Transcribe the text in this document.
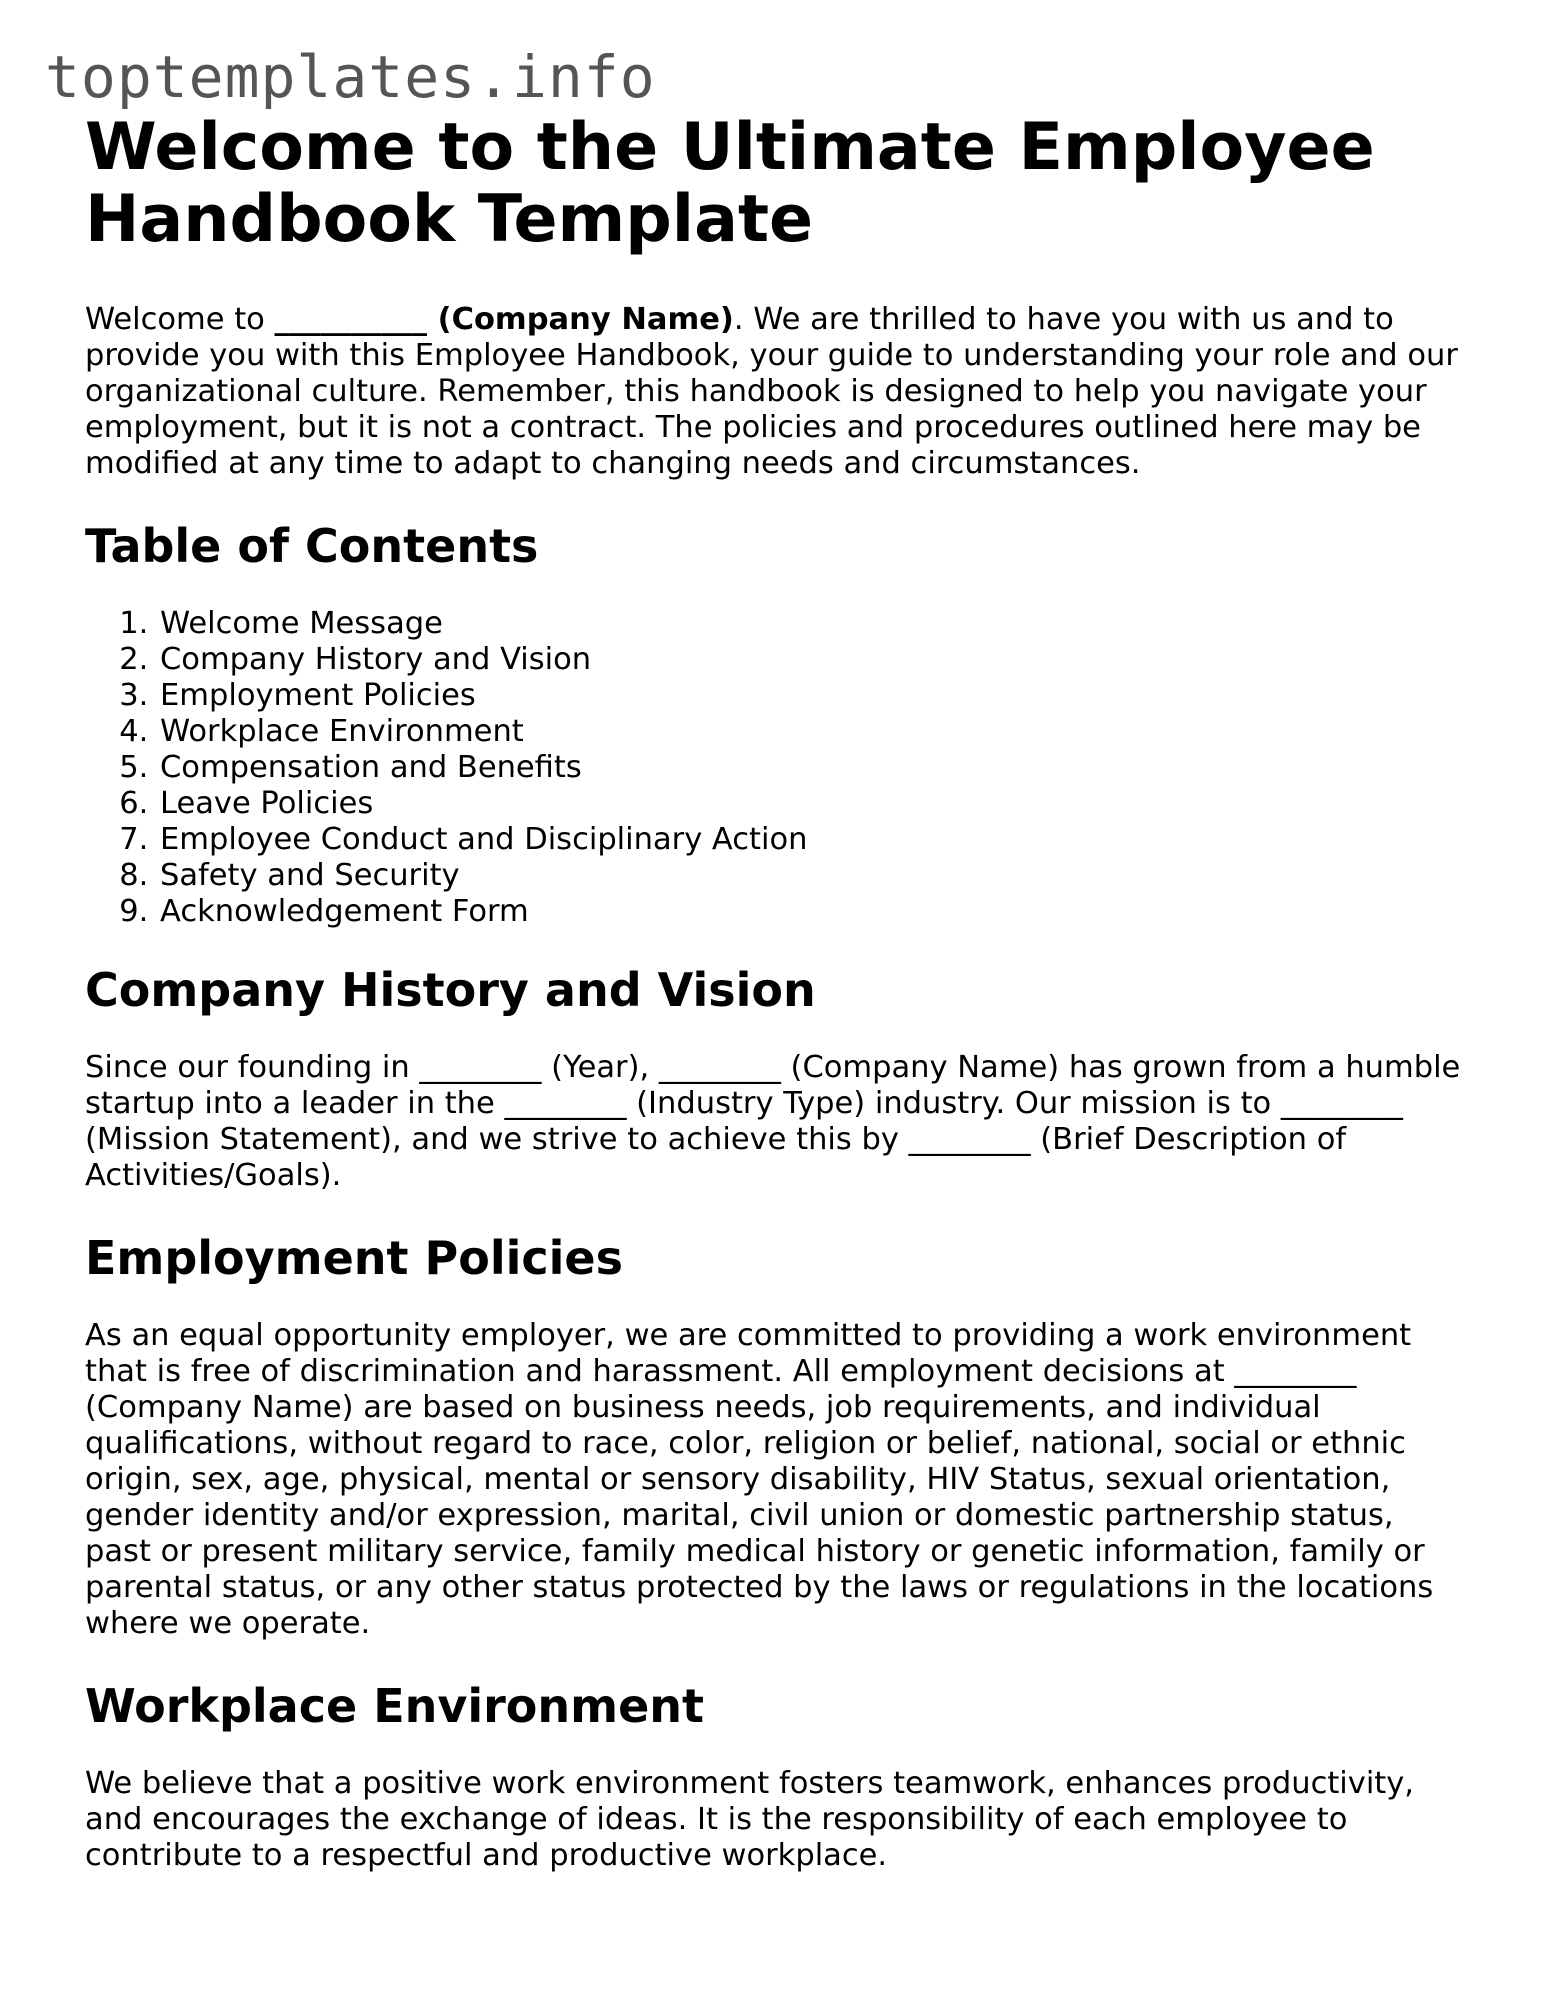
toptemplates.info
Welcome to the Ultimate Employee Handbook Template

Welcome to __________ (Company Name). We are thrilled to have you with us and to provide you with this Employee Handbook, your guide to understanding your role and our organizational culture. Remember, this handbook is designed to help you navigate your employment, but it is not a contract. The policies and procedures outlined here may be modified at any time to adapt to changing needs and circumstances.

Table of Contents
1. Welcome Message
2. Company History and Vision
3. Employment Policies
4. Workplace Environment
5. Compensation and Benefits
6. Leave Policies
7. Employee Conduct and Disciplinary Action
8. Safety and Security
9. Acknowledgement Form
Company History and Vision

Since our founding in ________ (Year), ________ (Company Name) has grown from a humble startup into a leader in the ________ (Industry Type) industry. Our mission is to ________ (Mission Statement), and we strive to achieve this by ________ (Brief Description of Activities/Goals).

Employment Policies

As an equal opportunity employer, we are committed to providing a work environment that is free of discrimination and harassment. All employment decisions at ________ (Company Name) are based on business needs, job requirements, and individual qualifications, without regard to race, color, religion or belief, national, social or ethnic origin, sex, age, physical, mental or sensory disability, HIV Status, sexual orientation, gender identity and/or expression, marital, civil union or domestic partnership status, past or present military service, family medical history or genetic information, family or parental status, or any other status protected by the laws or regulations in the locations where we operate.

Workplace Environment

We believe that a positive work environment fosters teamwork, enhances productivity, and encourages the exchange of ideas. It is the responsibility of each employee to contribute to a respectful and productive workplace.
